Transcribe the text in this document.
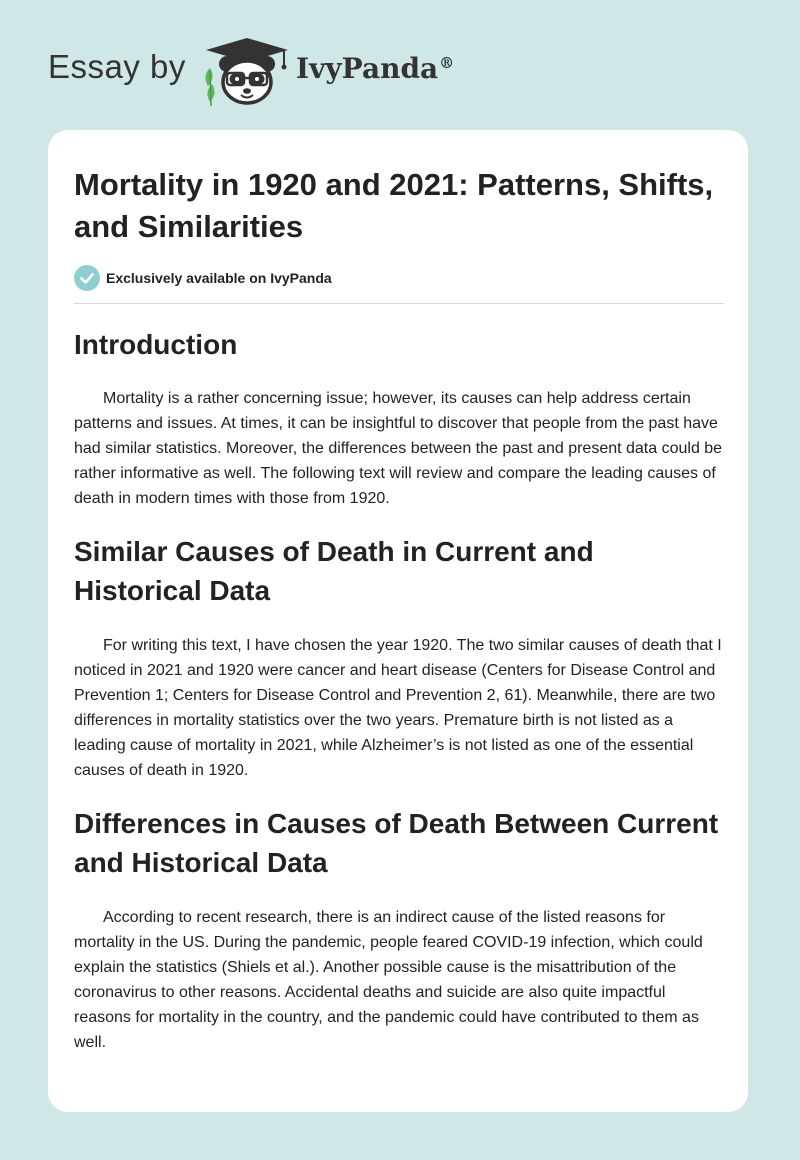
Essay by	IvyPanda®
Mortality in 1920 and 2021: Patterns, Shifts, and Similarities
Exclusively available on IvyPanda
Introduction

Mortality is a rather concerning issue; however, its causes can help address certain patterns and issues. At times, it can be insightful to discover that people from the past have had similar statistics. Moreover, the differences between the past and present data could be rather informative as well. The following text will review and compare the leading causes of death in modern times with those from 1920.

Similar Causes of Death in Current and Historical Data

For writing this text, I have chosen the year 1920. The two similar causes of death that I noticed in 2021 and 1920 were cancer and heart disease (Centers for Disease Control and Prevention 1; Centers for Disease Control and Prevention 2, 61). Meanwhile, there are two differences in mortality statistics over the two years. Premature birth is not listed as a leading cause of mortality in 2021, while Alzheimer’s is not listed as one of the essential causes of death in 1920.

Differences in Causes of Death Between Current and Historical Data

According to recent research, there is an indirect cause of the listed reasons for mortality in the US. During the pandemic, people feared COVID-19 infection, which could explain the statistics (Shiels et al.). Another possible cause is the misattribution of the coronavirus to other reasons. Accidental deaths and suicide are also quite impactful reasons for mortality in the country, and the pandemic could have contributed to them as well.
